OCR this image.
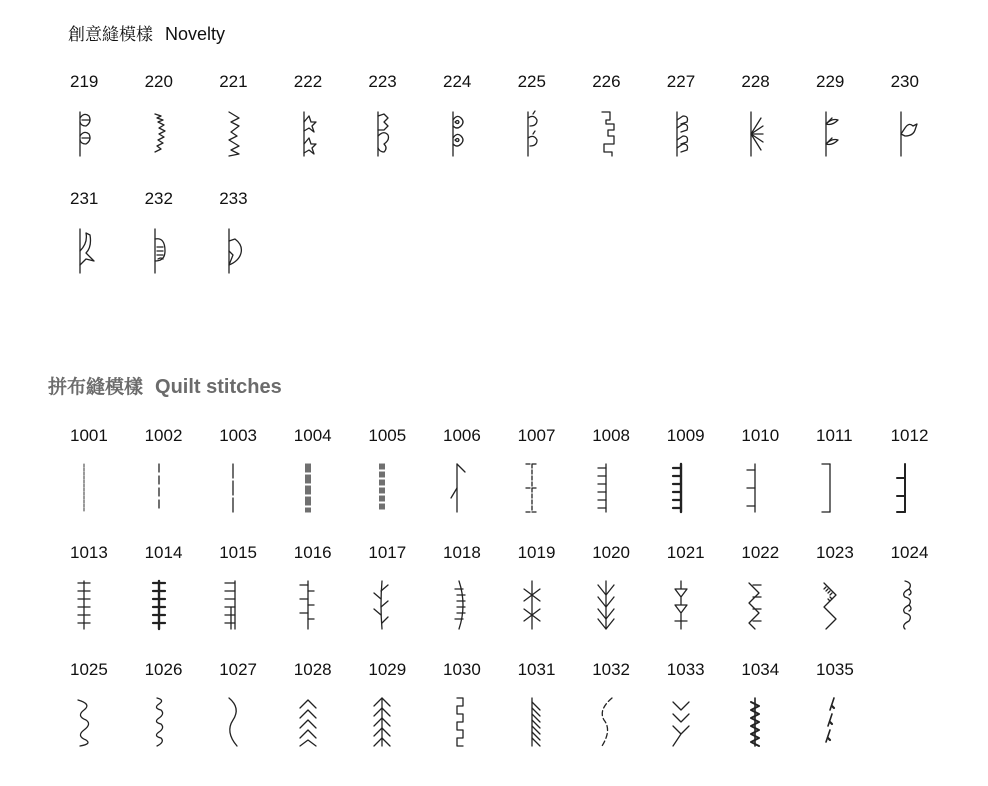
創意縫模樣 Novelty
219	220	221	222	223	224	225	226	227	228	229	230
231	232	233
拼布縫模樣 Quilt stitches
1001 1002 1003 1004 1005 1006 1007 1008 1009 1010 1011 1012
1013 1014 1015 1016 1017 1018 1019 1020 1021 1022 1023 1024
1025 1026 1027 1028 1029 1030 1031 1032 1033 1034 1035
